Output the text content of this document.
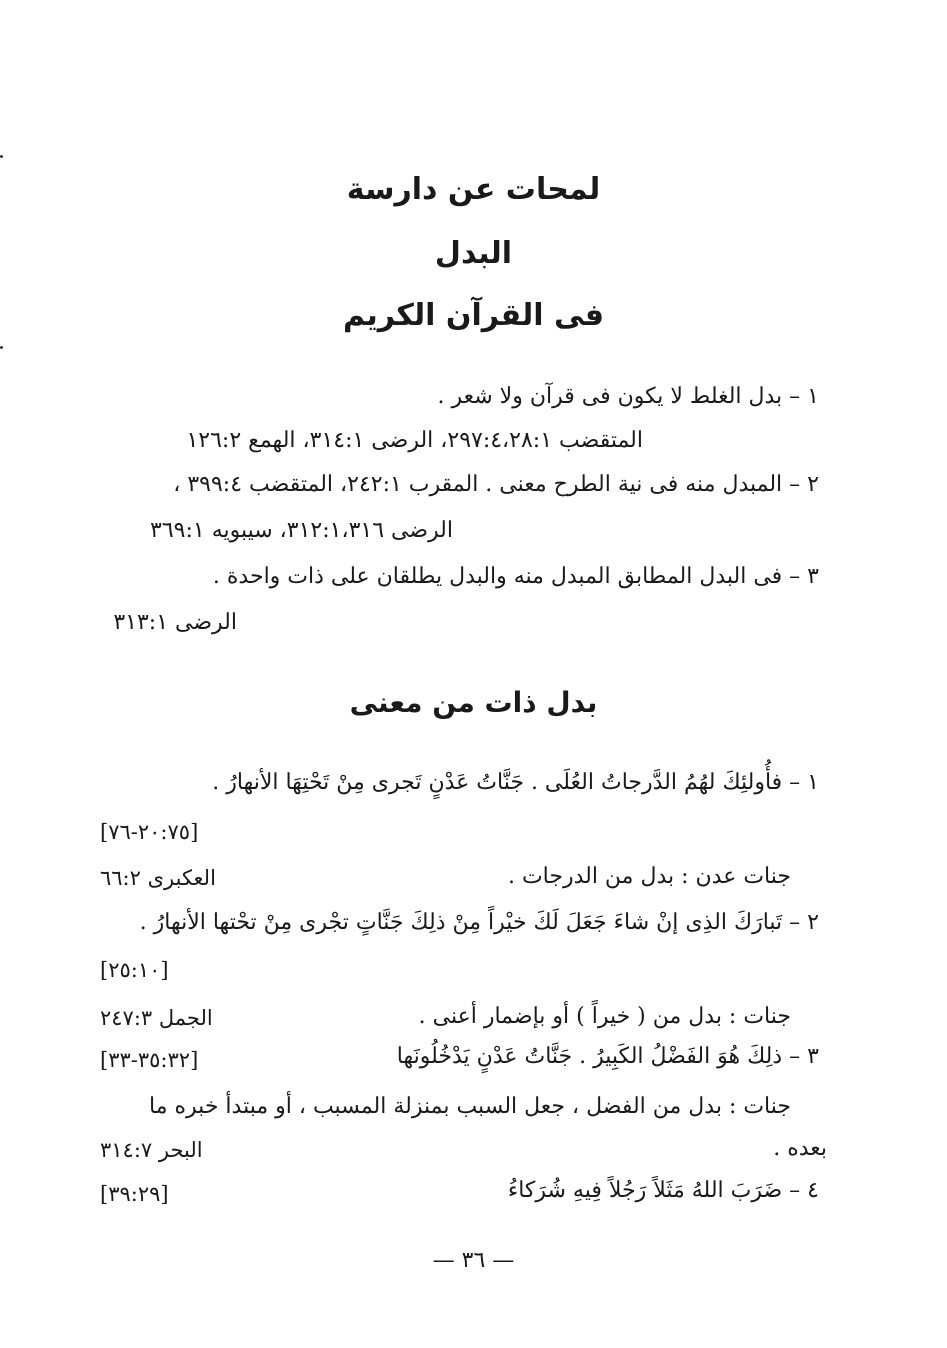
لمحات عن دارسة
البدل
فى القرآن الكريم
١ – بدل الغلط لا يكون فى قرآن ولا شعر .
المتقضب ٢٩٧:٤،٢٨:١، الرضى ٣١٤:١، الهمع ١٢٦:٢
٢ – المبدل منه فى نية الطرح معنى . المقرب ٢٤٢:١، المتقضب ٣٩٩:٤ ،
الرضى ٣١٢:١،٣١٦، سيبويه ٣٦٩:١
٣ – فى البدل المطابق المبدل منه والبدل يطلقان على ذات واحدة .
الرضى ٣١٣:١
بدل ذات من معنى
١ – فأُولئِكَ لهُمُ الدَّرجاتُ العُلَى . جَنَّاتُ عَدْنٍ تَجرى مِنْ تَحْتِهَا الأنهارُ .
[٢٠:٧٥-٧٦]
جنات عدن : بدل من الدرجات .
العكبرى ٦٦:٢
٢ – تَبارَكَ الذِى إنْ شاءَ جَعَلَ لَكَ خيْراً مِنْ ذلِكَ جَنَّاتٍ تجْرى مِنْ تحْتها الأنهارُ .
[٢٥:١٠]
جنات : بدل من ( خيراً ) أو بإضمار أعنى .
الجمل ٢٤٧:٣
٣ – ذلِكَ هُوَ الفَضْلُ الكَبِيرُ . جَنَّاتُ عَدْنٍ يَدْخُلُونَها
[٣٥:٣٢-٣٣]
جنات : بدل من الفضل ، جعل السبب بمنزلة المسبب ، أو مبتدأ خبره ما
بعده .
البحر ٣١٤:٧
٤ – ضَرَبَ اللهُ مَثَلاً رَجُلاً فِيهِ شُرَكاءُ
[٣٩:٢٩]
— ٣٦ —
